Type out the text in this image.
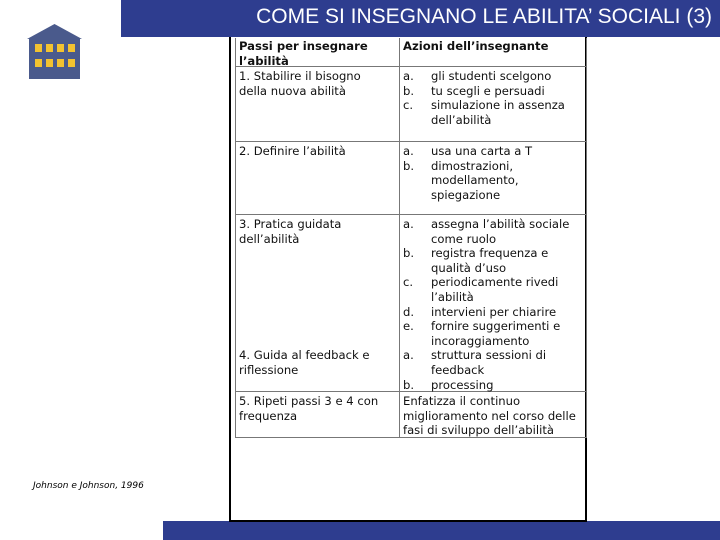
COME SI INSEGNANO LE ABILITA’ SOCIALI (3)
Johnson e Johnson, 1996
Passi per insegnare
l’abilità
Azioni dell’insegnante
1. Stabilire il bisogno
della nuova abilità
a. gli studenti scelgono
b. tu scegli e persuadi
c. simulazione in assenza
dell’abilità
2. Definire l’abilità	a. usa una carta a T
b. dimostrazioni,
modellamento,
spiegazione
3. Pratica guidata
dell’abilità
a. assegna l’abilità sociale
come ruolo
b. registra frequenza e
qualità d’uso
c. periodicamente rivedi
l’abilità
d. intervieni per chiarire
e. fornire suggerimenti e
incoraggiamento
a. struttura sessioni di
feedback
b. processing
4. Guida al feedback e
riflessione
5. Ripeti passi 3 e 4 con
frequenza
Enfatizza il continuo
miglioramento nel corso delle
fasi di sviluppo dell’abilità
